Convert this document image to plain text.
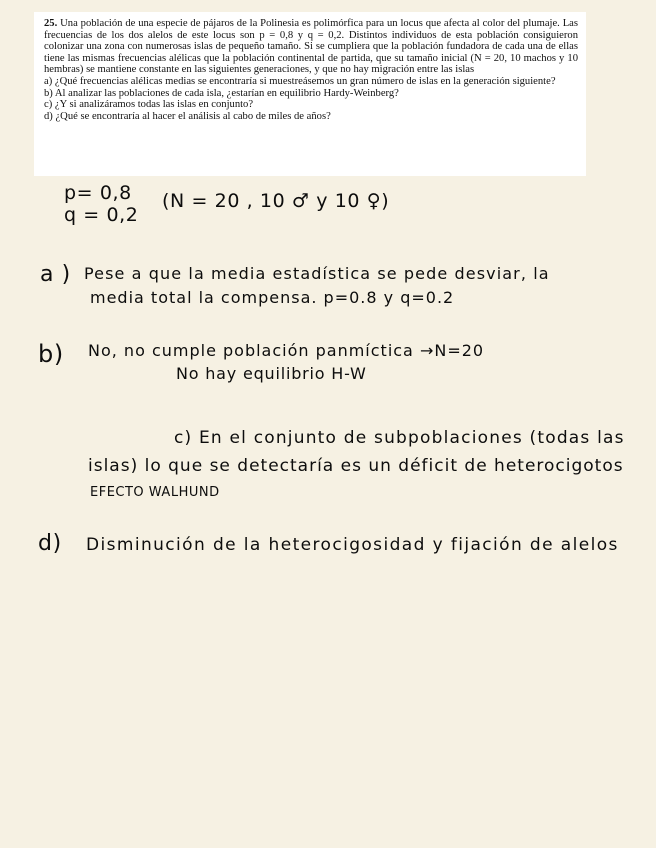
25. Una población de una especie de pájaros de la Polinesia es polimórfica para un locus que afecta al color del plumaje. Las frecuencias de los dos alelos de este locus son p = 0,8 y q = 0,2. Distintos individuos de esta población consiguieron colonizar una zona con numerosas islas de pequeño tamaño. Si se cumpliera que la población fundadora de cada una de ellas tiene las mismas frecuencias alélicas que la población continental de partida, que su tamaño inicial (N = 20, 10 machos y 10 hembras) se mantiene constante en las siguientes generaciones, y que no hay migración entre las islas

a) ¿Qué frecuencias alélicas medias se encontraría si muestreásemos un gran número de islas en la generación siguiente?

b) Al analizar las poblaciones de cada isla, ¿estarían en equilibrio Hardy-Weinberg?

c) ¿Y si analizáramos todas las islas en conjunto?

d) ¿Qué se encontraría al hacer el análisis al cabo de miles de años?

p= 0,8
q = 0,2
(N = 20 , 10 ♂ y 10 ♀)
a ) Pese a que la media estadística se pede desviar, la
media total la compensa. p=0.8 y q=0.2
b) No, no cumple población panmíctica →N=20
No hay equilibrio H-W
c) En el conjunto de subpoblaciones (todas las
islas) lo que se detectaría es un déficit de heterocigotos
EFECTO WALHUND
d) Disminución de la heterocigosidad y fijación de alelos
